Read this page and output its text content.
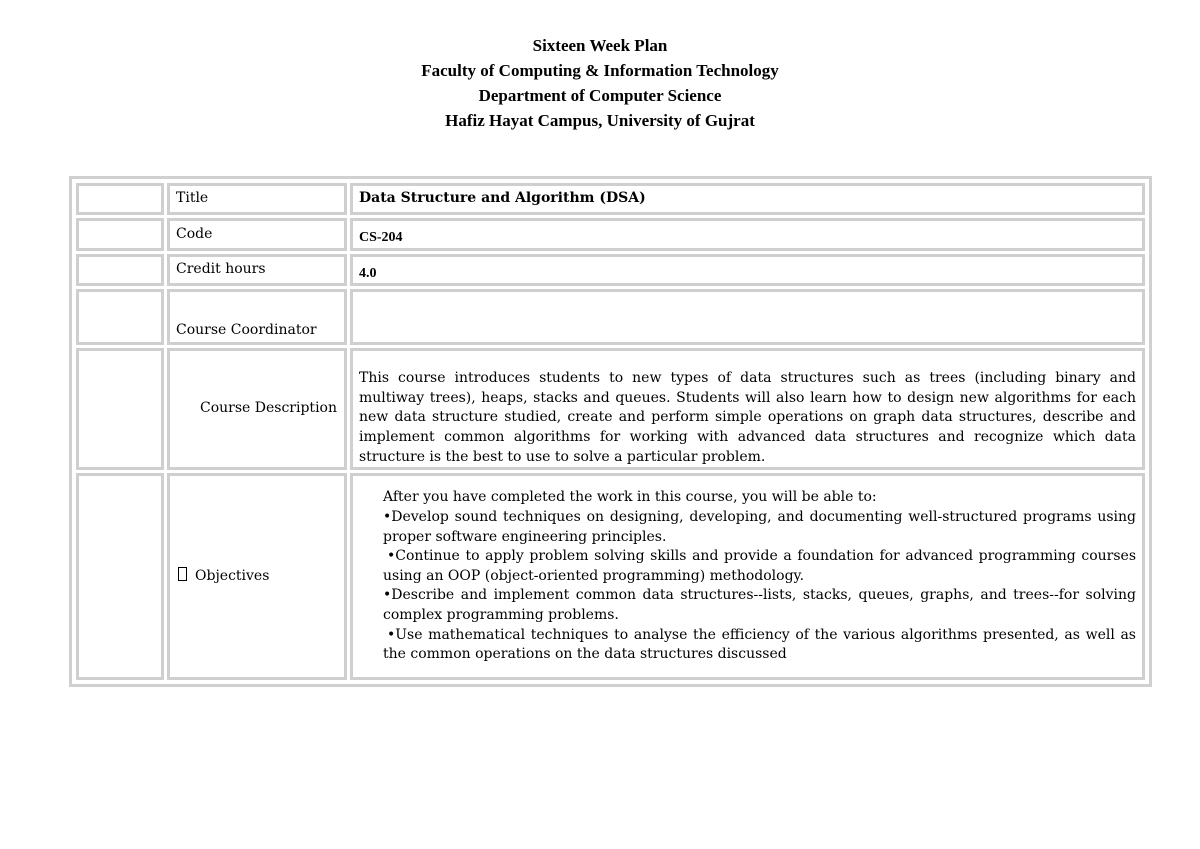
Sixteen Week Plan
Faculty of Computing & Information Technology
Department of Computer Science
Hafiz Hayat Campus, University of Gujrat
	Title	Data Structure and Algorithm (DSA)
	Code	CS-204
	Credit hours	4.0
	Course Coordinator	
	Course Description	This course introduces students to new types of data structures such as trees (including binary and multiway trees), heaps, stacks and queues. Students will also learn how to design new algorithms for each new data structure studied, create and perform simple operations on graph data structures, describe and implement common algorithms for working with advanced data structures and recognize which data structure is the best to use to solve a particular problem.
	Objectives	After you have completed the work in this course, you will be able to:

•Develop sound techniques on designing, developing, and documenting well-structured programs using proper software engineering principles.

•Continue to apply problem solving skills and provide a foundation for advanced programming courses using an OOP (object-oriented programming) methodology.

•Describe and implement common data structures--lists, stacks, queues, graphs, and trees--for solving complex programming problems.

•Use mathematical techniques to analyse the efficiency of the various algorithms presented, as well as the common operations on the data structures discussed
